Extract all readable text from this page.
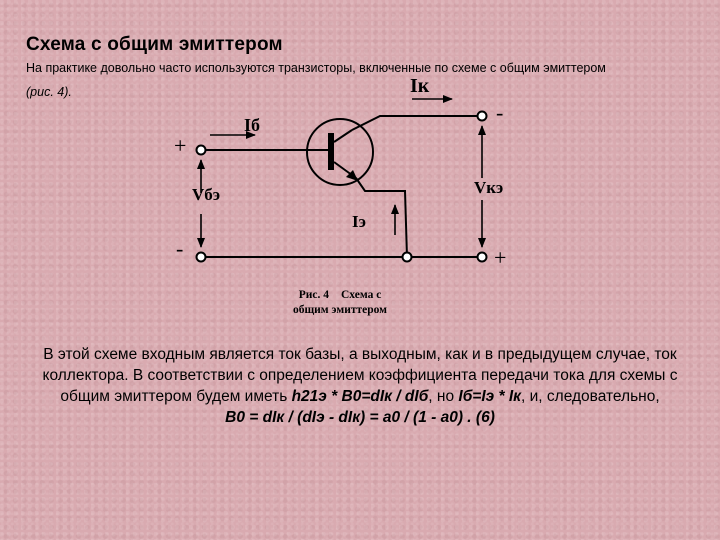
Схема с общим эмиттером
На практике довольно часто используются транзисторы, включенные по схеме с общим эмиттером
(рис. 4).	Iк
Iб
Iэ
Vбэ	Vкэ
+
-
-
+
Рис. 4 Схема с
общим эмиттером
В этой схеме входным является ток базы, а выходным, как и в предыдущем случае, ток коллектора. В соответствии с определением коэффициента передачи тока для схемы с общим эмиттером будем иметь h21э * B0=dIк / dIб, но Iб=Iэ * Iк, и, следовательно,
B0 = dIк / (dIэ - dIк) = a0 / (1 - a0) . (6)
